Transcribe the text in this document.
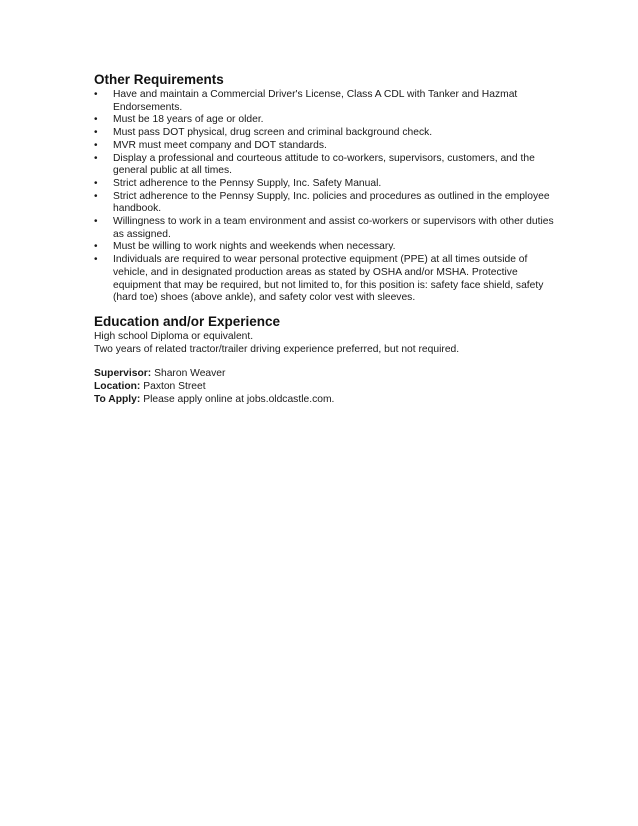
Other Requirements
• Have and maintain a Commercial Driver's License, Class A CDL with Tanker and Hazmat Endorsements.
• Must be 18 years of age or older.
• Must pass DOT physical, drug screen and criminal background check.
• MVR must meet company and DOT standards.
• Display a professional and courteous attitude to co-workers, supervisors, customers, and the general public at all times.
• Strict adherence to the Pennsy Supply, Inc. Safety Manual.
• Strict adherence to the Pennsy Supply, Inc. policies and procedures as outlined in the employee handbook.
• Willingness to work in a team environment and assist co-workers or supervisors with other duties as assigned.
• Must be willing to work nights and weekends when necessary.
• Individuals are required to wear personal protective equipment (PPE) at all times outside of vehicle, and in designated production areas as stated by OSHA and/or MSHA. Protective equipment that may be required, but not limited to, for this position is: safety face shield, safety (hard toe) shoes (above ankle), and safety color vest with sleeves.
Education and/or Experience

High school Diploma or equivalent.

Two years of related tractor/trailer driving experience preferred, but not required.

Supervisor: Sharon Weaver

Location: Paxton Street

To Apply: Please apply online at jobs.oldcastle.com.
